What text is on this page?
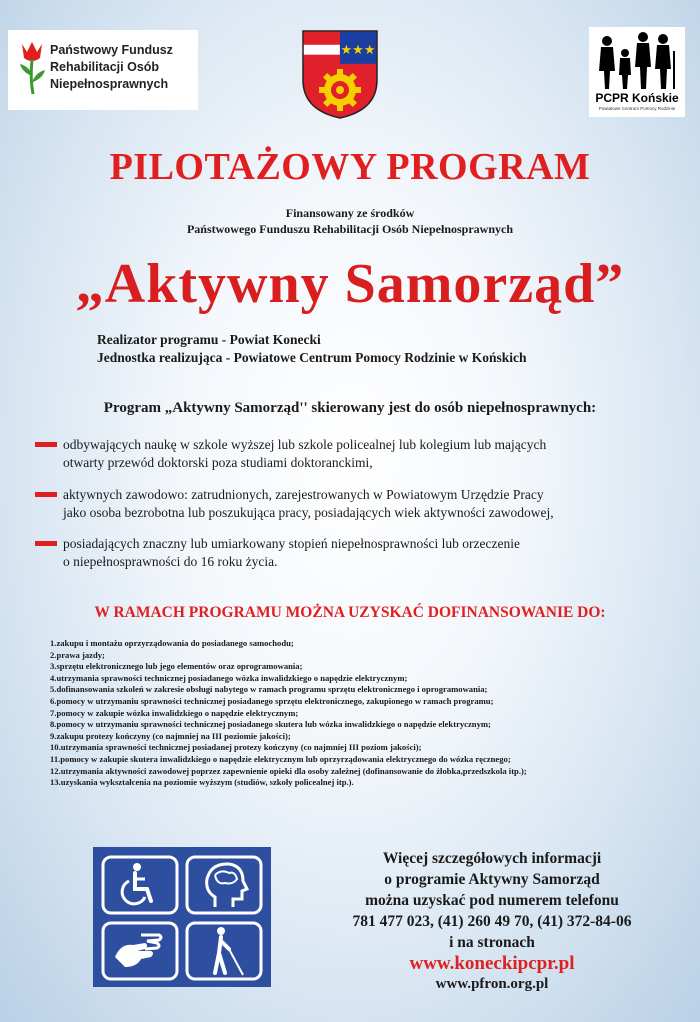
Państwowy Fundusz
Rehabilitacji Osób
Niepełnosprawnych
★★★
PCPR Końskie
Powiatowe Centrum Pomocy Rodzinie
PILOTAŻOWY PROGRAM
Finansowany ze środków
Państwowego Funduszu Rehabilitacji Osób Niepełnosprawnych
„Aktywny Samorząd”
Realizator programu - Powiat Konecki
Jednostka realizująca - Powiatowe Centrum Pomocy Rodzinie w Końskich
Program „Aktywny Samorząd'' skierowany jest do osób niepełnosprawnych:
odbywających naukę w szkole wyższej lub szkole policealnej lub kolegium lub mających
otwarty przewód doktorski poza studiami doktoranckimi,
aktywnych zawodowo: zatrudnionych, zarejestrowanych w Powiatowym Urzędzie Pracy
jako osoba bezrobotna lub poszukująca pracy, posiadających wiek aktywności zawodowej,
posiadających znaczny lub umiarkowany stopień niepełnosprawności lub orzeczenie
o niepełnosprawności do 16 roku życia.
W RAMACH PROGRAMU MOŻNA UZYSKAĆ DOFINANSOWANIE DO:
1.zakupu i montażu oprzyrządowania do posiadanego samochodu;
2.prawa jazdy;
3.sprzętu elektronicznego lub jego elementów oraz oprogramowania;
4.utrzymania sprawności technicznej posiadanego wózka inwalidzkiego o napędzie elektrycznym;
5.dofinansowania szkoleń w zakresie obsługi nabytego w ramach programu sprzętu elektronicznego i oprogramowania;
6.pomocy w utrzymaniu sprawności technicznej posiadanego sprzętu elektronicznego, zakupionego w ramach programu;
7.pomocy w zakupie wózka inwalidzkiego o napędzie elektrycznym;
8.pomocy w utrzymaniu sprawności technicznej posiadanego skutera lub wózka inwalidzkiego o napędzie elektrycznym;
9.zakupu protezy kończyny (co najmniej na III poziomie jakości);
10.utrzymania sprawności technicznej posiadanej protezy kończyny (co najmniej III poziom jakości);
11.pomocy w zakupie skutera inwalidzkiego o napędzie elektrycznym lub oprzyrządowania elektrycznego do wózka ręcznego;
12.utrzymania aktywności zawodowej poprzez zapewnienie opieki dla osoby zależnej (dofinansowanie do żłobka,przedszkola itp.);
13.uzyskania wykształcenia na poziomie wyższym (studiów, szkoły policealnej itp.).
Więcej szczegółowych informacji
o programie Aktywny Samorząd
można uzyskać pod numerem telefonu
781 477 023, (41) 260 49 70, (41) 372-84-06
i na stronach
www.koneckipcpr.pl
www.pfron.org.pl
